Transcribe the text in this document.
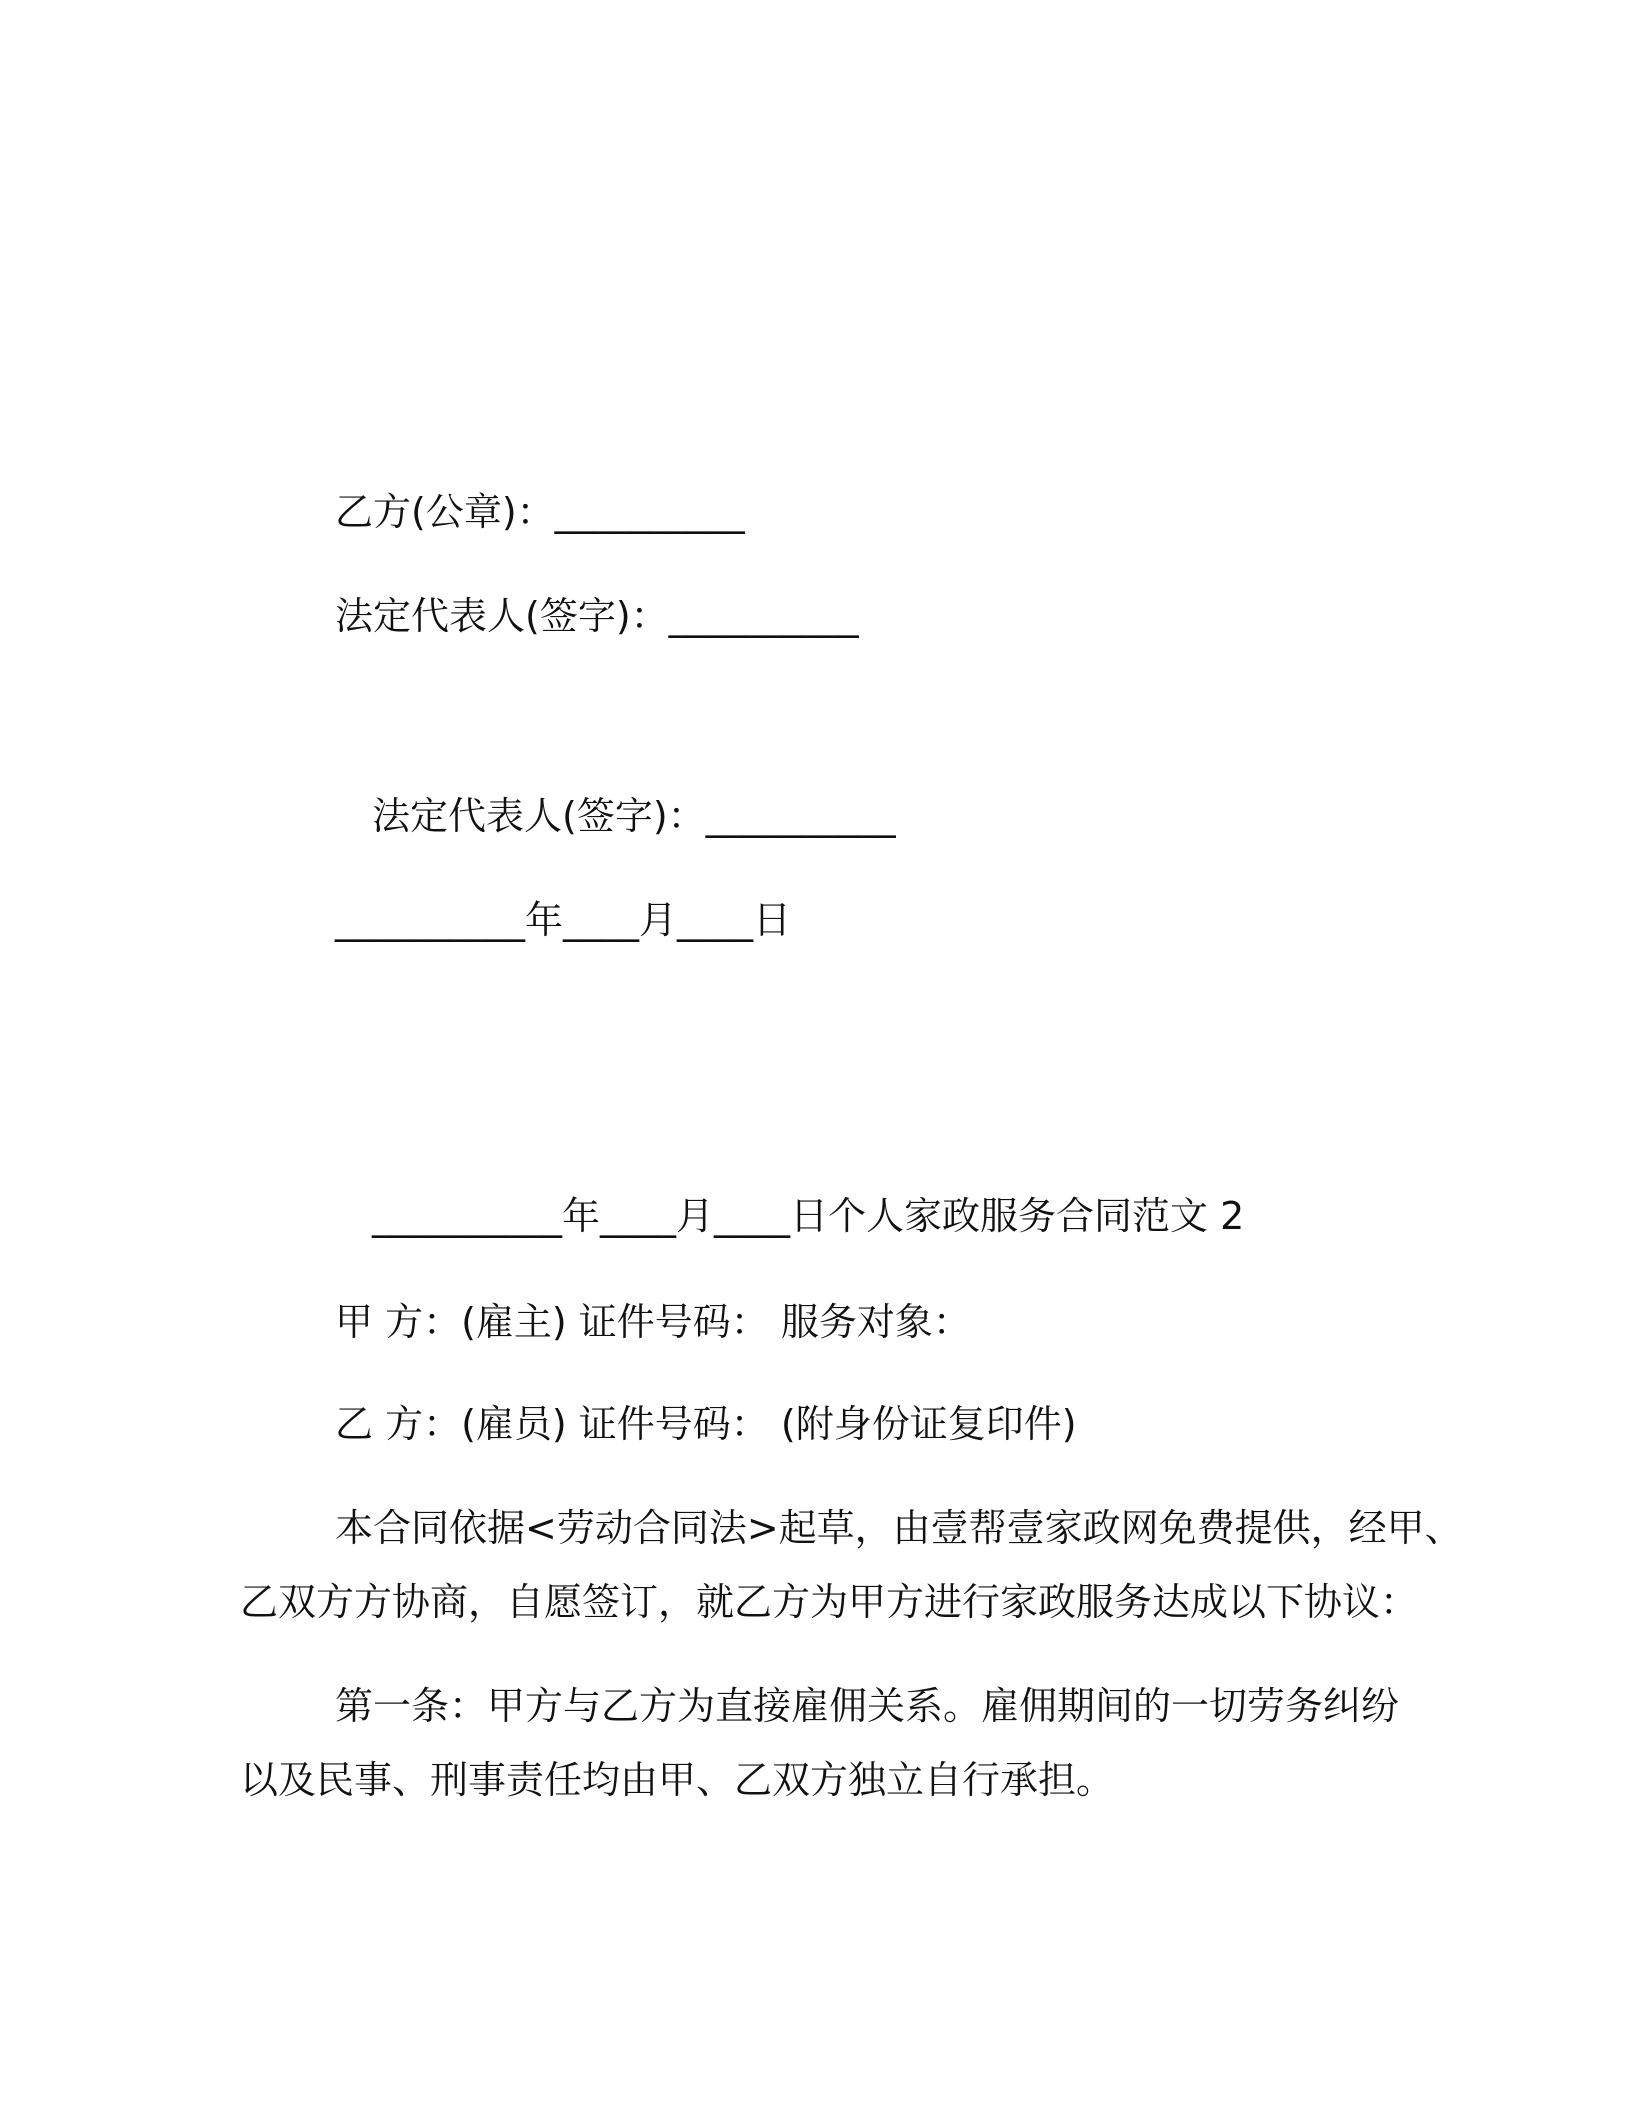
乙方(公章)：__________
法定代表人(签字)：__________
法定代表人(签字)：__________
__________年____月____日
__________年____月____日个人家政服务合同范文 2
甲 方：(雇主) 证件号码： 服务对象：
乙 方：(雇员) 证件号码： (附身份证复印件)
本合同依据<劳动合同法>起草，由壹帮壹家政网免费提供，经甲、
乙双方方协商，自愿签订，就乙方为甲方进行家政服务达成以下协议：
第一条：甲方与乙方为直接雇佣关系。雇佣期间的一切劳务纠纷
以及民事、刑事责任均由甲、乙双方独立自行承担。
